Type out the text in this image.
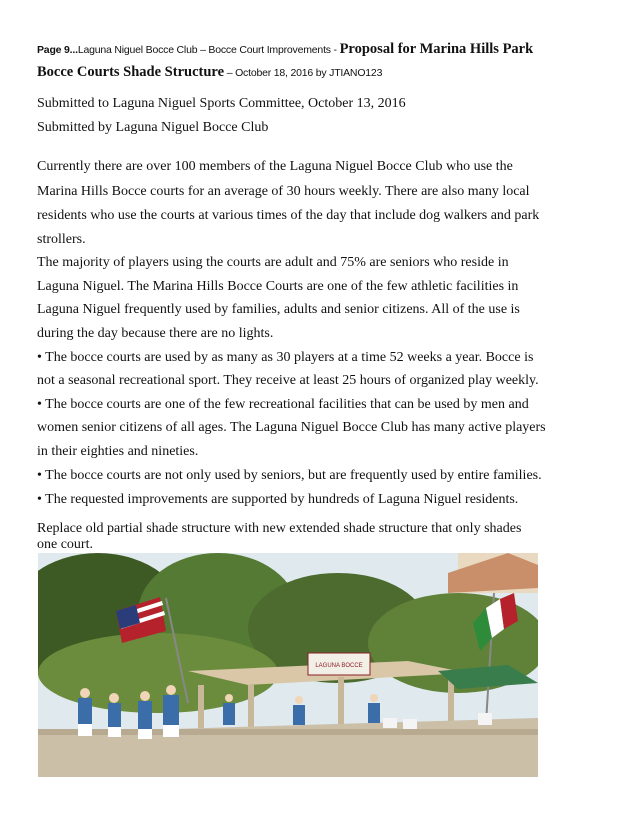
Page 9...Laguna Niguel Bocce Club – Bocce Court Improvements - Proposal for Marina Hills Park
Bocce Courts Shade Structure – October 18, 2016 by JTIANO123
Submitted to Laguna Niguel Sports Committee, October 13, 2016
Submitted by Laguna Niguel Bocce Club
Currently there are over 100 members of the Laguna Niguel Bocce Club who use the
Marina Hills Bocce courts for an average of 30 hours weekly. There are also many local
residents who use the courts at various times of the day that include dog walkers and park
strollers.
The majority of players using the courts are adult and 75% are seniors who reside in
Laguna Niguel. The Marina Hills Bocce Courts are one of the few athletic facilities in
Laguna Niguel frequently used by families, adults and senior citizens. All of the use is
during the day because there are no lights.
• The bocce courts are used by as many as 30 players at a time 52 weeks a year. Bocce is
not a seasonal recreational sport. They receive at least 25 hours of organized play weekly.
• The bocce courts are one of the few recreational facilities that can be used by men and
women senior citizens of all ages. The Laguna Niguel Bocce Club has many active players
in their eighties and nineties.
• The bocce courts are not only used by seniors, but are frequently used by entire families.
• The requested improvements are supported by hundreds of Laguna Niguel residents.
Replace old partial shade structure with new extended shade structure that only shades
one court.
LAGUNA BOCCE
